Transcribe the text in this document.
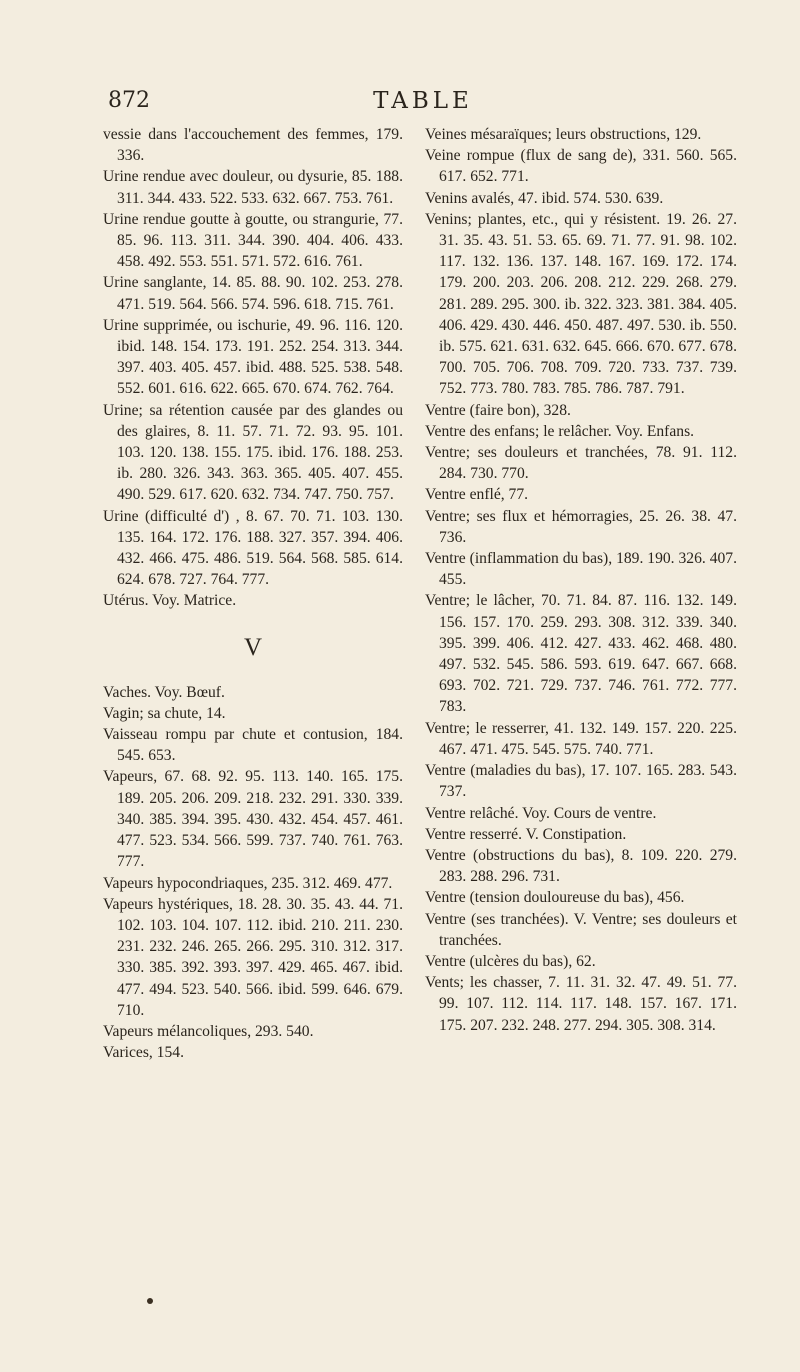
872	TABLE

vessie dans l'accouchement des femmes, 179. 336.

Urine rendue avec douleur, ou dysurie, 85. 188. 311. 344. 433. 522. 533. 632. 667. 753. 761.

Urine rendue goutte à goutte, ou strangurie, 77. 85. 96. 113. 311. 344. 390. 404. 406. 433. 458. 492. 553. 551. 571. 572. 616. 761.

Urine sanglante, 14. 85. 88. 90. 102. 253. 278. 471. 519. 564. 566. 574. 596. 618. 715. 761.

Urine supprimée, ou ischurie, 49. 96. 116. 120. ibid. 148. 154. 173. 191. 252. 254. 313. 344. 397. 403. 405. 457. ibid. 488. 525. 538. 548. 552. 601. 616. 622. 665. 670. 674. 762. 764.

Urine; sa rétention causée par des glandes ou des glaires, 8. 11. 57. 71. 72. 93. 95. 101. 103. 120. 138. 155. 175. ibid. 176. 188. 253. ib. 280. 326. 343. 363. 365. 405. 407. 455. 490. 529. 617. 620. 632. 734. 747. 750. 757.

Urine (difficulté d') , 8. 67. 70. 71. 103. 130. 135. 164. 172. 176. 188. 327. 357. 394. 406. 432. 466. 475. 486. 519. 564. 568. 585. 614. 624. 678. 727. 764. 777.

Utérus. Voy. Matrice.

V

Vaches. Voy. Bœuf.

Vagin; sa chute, 14.

Vaisseau rompu par chute et contusion, 184. 545. 653.

Vapeurs, 67. 68. 92. 95. 113. 140. 165. 175. 189. 205. 206. 209. 218. 232. 291. 330. 339. 340. 385. 394. 395. 430. 432. 454. 457. 461. 477. 523. 534. 566. 599. 737. 740. 761. 763. 777.

Vapeurs hypocondriaques, 235. 312. 469. 477.

Vapeurs hystériques, 18. 28. 30. 35. 43. 44. 71. 102. 103. 104. 107. 112. ibid. 210. 211. 230. 231. 232. 246. 265. 266. 295. 310. 312. 317. 330. 385. 392. 393. 397. 429. 465. 467. ibid. 477. 494. 523. 540. 566. ibid. 599. 646. 679. 710.

Vapeurs mélancoliques, 293. 540.

Varices, 154.

Veines mésaraïques; leurs obstructions, 129.

Veine rompue (flux de sang de), 331. 560. 565. 617. 652. 771.

Venins avalés, 47. ibid. 574. 530. 639.

Venins; plantes, etc., qui y résistent. 19. 26. 27. 31. 35. 43. 51. 53. 65. 69. 71. 77. 91. 98. 102. 117. 132. 136. 137. 148. 167. 169. 172. 174. 179. 200. 203. 206. 208. 212. 229. 268. 279. 281. 289. 295. 300. ib. 322. 323. 381. 384. 405. 406. 429. 430. 446. 450. 487. 497. 530. ib. 550. ib. 575. 621. 631. 632. 645. 666. 670. 677. 678. 700. 705. 706. 708. 709. 720. 733. 737. 739. 752. 773. 780. 783. 785. 786. 787. 791.

Ventre (faire bon), 328.

Ventre des enfans; le relâcher. Voy. Enfans.

Ventre; ses douleurs et tranchées, 78. 91. 112. 284. 730. 770.

Ventre enflé, 77.

Ventre; ses flux et hémorragies, 25. 26. 38. 47. 736.

Ventre (inflammation du bas), 189. 190. 326. 407. 455.

Ventre; le lâcher, 70. 71. 84. 87. 116. 132. 149. 156. 157. 170. 259. 293. 308. 312. 339. 340. 395. 399. 406. 412. 427. 433. 462. 468. 480. 497. 532. 545. 586. 593. 619. 647. 667. 668. 693. 702. 721. 729. 737. 746. 761. 772. 777. 783.

Ventre; le resserrer, 41. 132. 149. 157. 220. 225. 467. 471. 475. 545. 575. 740. 771.

Ventre (maladies du bas), 17. 107. 165. 283. 543. 737.

Ventre relâché. Voy. Cours de ventre.

Ventre resserré. V. Constipation.

Ventre (obstructions du bas), 8. 109. 220. 279. 283. 288. 296. 731.

Ventre (tension douloureuse du bas), 456.

Ventre (ses tranchées). V. Ventre; ses douleurs et tranchées.

Ventre (ulcères du bas), 62.

Vents; les chasser, 7. 11. 31. 32. 47. 49. 51. 77. 99. 107. 112. 114. 117. 148. 157. 167. 171. 175. 207. 232. 248. 277. 294. 305. 308. 314.
